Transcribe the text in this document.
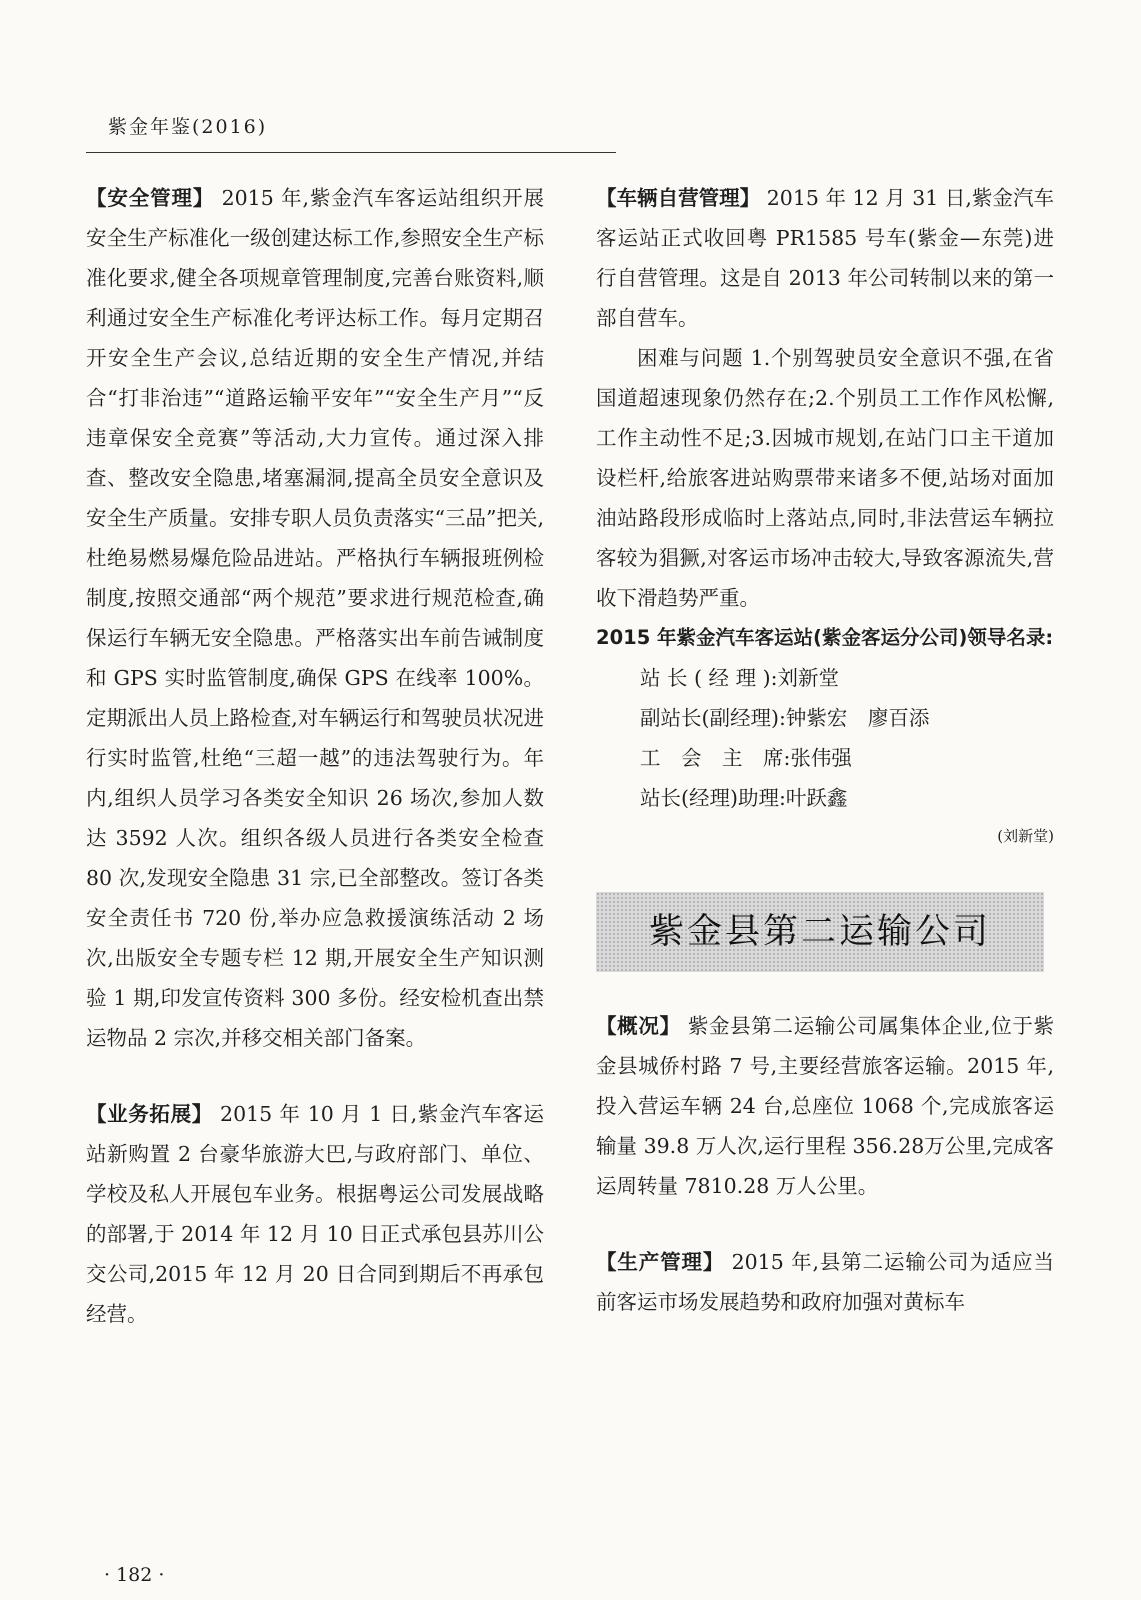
紫金年鉴(2016)

【安全管理】 2015 年,紫金汽车客运站组织开展安全生产标准化一级创建达标工作,参照安全生产标准化要求,健全各项规章管理制度,完善台账资料,顺利通过安全生产标准化考评达标工作。每月定期召开安全生产会议,总结近期的安全生产情况,并结合“打非治违”“道路运输平安年”“安全生产月”“反违章保安全竞赛”等活动,大力宣传。通过深入排查、整改安全隐患,堵塞漏洞,提高全员安全意识及安全生产质量。安排专职人员负责落实“三品”把关,杜绝易燃易爆危险品进站。严格执行车辆报班例检制度,按照交通部“两个规范”要求进行规范检查,确保运行车辆无安全隐患。严格落实出车前告诫制度和 GPS 实时监管制度,确保 GPS 在线率 100%。定期派出人员上路检查,对车辆运行和驾驶员状况进行实时监管,杜绝“三超一越”的违法驾驶行为。年内,组织人员学习各类安全知识 26 场次,参加人数达 3592 人次。组织各级人员进行各类安全检查 80 次,发现安全隐患 31 宗,已全部整改。签订各类安全责任书 720 份,举办应急救援演练活动 2 场次,出版安全专题专栏 12 期,开展安全生产知识测验 1 期,印发宣传资料 300 多份。经安检机查出禁运物品 2 宗次,并移交相关部门备案。

【业务拓展】 2015 年 10 月 1 日,紫金汽车客运站新购置 2 台豪华旅游大巴,与政府部门、单位、学校及私人开展包车业务。根据粤运公司发展战略的部署,于 2014 年 12 月 10 日正式承包县苏川公交公司,2015 年 12 月 20 日合同到期后不再承包经营。

【车辆自营管理】 2015 年 12 月 31 日,紫金汽车客运站正式收回粤 PR1585 号车(紫金—东莞)进行自营管理。这是自 2013 年公司转制以来的第一部自营车。

困难与问题 1.个别驾驶员安全意识不强,在省国道超速现象仍然存在;2.个别员工工作作风松懈,工作主动性不足;3.因城市规划,在站门口主干道加设栏杆,给旅客进站购票带来诸多不便,站场对面加油站路段形成临时上落站点,同时,非法营运车辆拉客较为猖獗,对客运市场冲击较大,导致客源流失,营收下滑趋势严重。

2015 年紫金汽车客运站(紫金客运分公司)领导名录:

站 长 ( 经 理 ):刘新堂
副站长(副经理):钟紫宏　廖百添
工　会　主　席:张伟强
站长(经理)助理:叶跃鑫

(刘新堂)

紫金县第二运输公司

【概况】 紫金县第二运输公司属集体企业,位于紫金县城侨村路 7 号,主要经营旅客运输。2015 年,投入营运车辆 24 台,总座位 1068 个,完成旅客运输量 39.8 万人次,运行里程 356.28万公里,完成客运周转量 7810.28 万人公里。

【生产管理】 2015 年,县第二运输公司为适应当前客运市场发展趋势和政府加强对黄标车

· 182 ·
